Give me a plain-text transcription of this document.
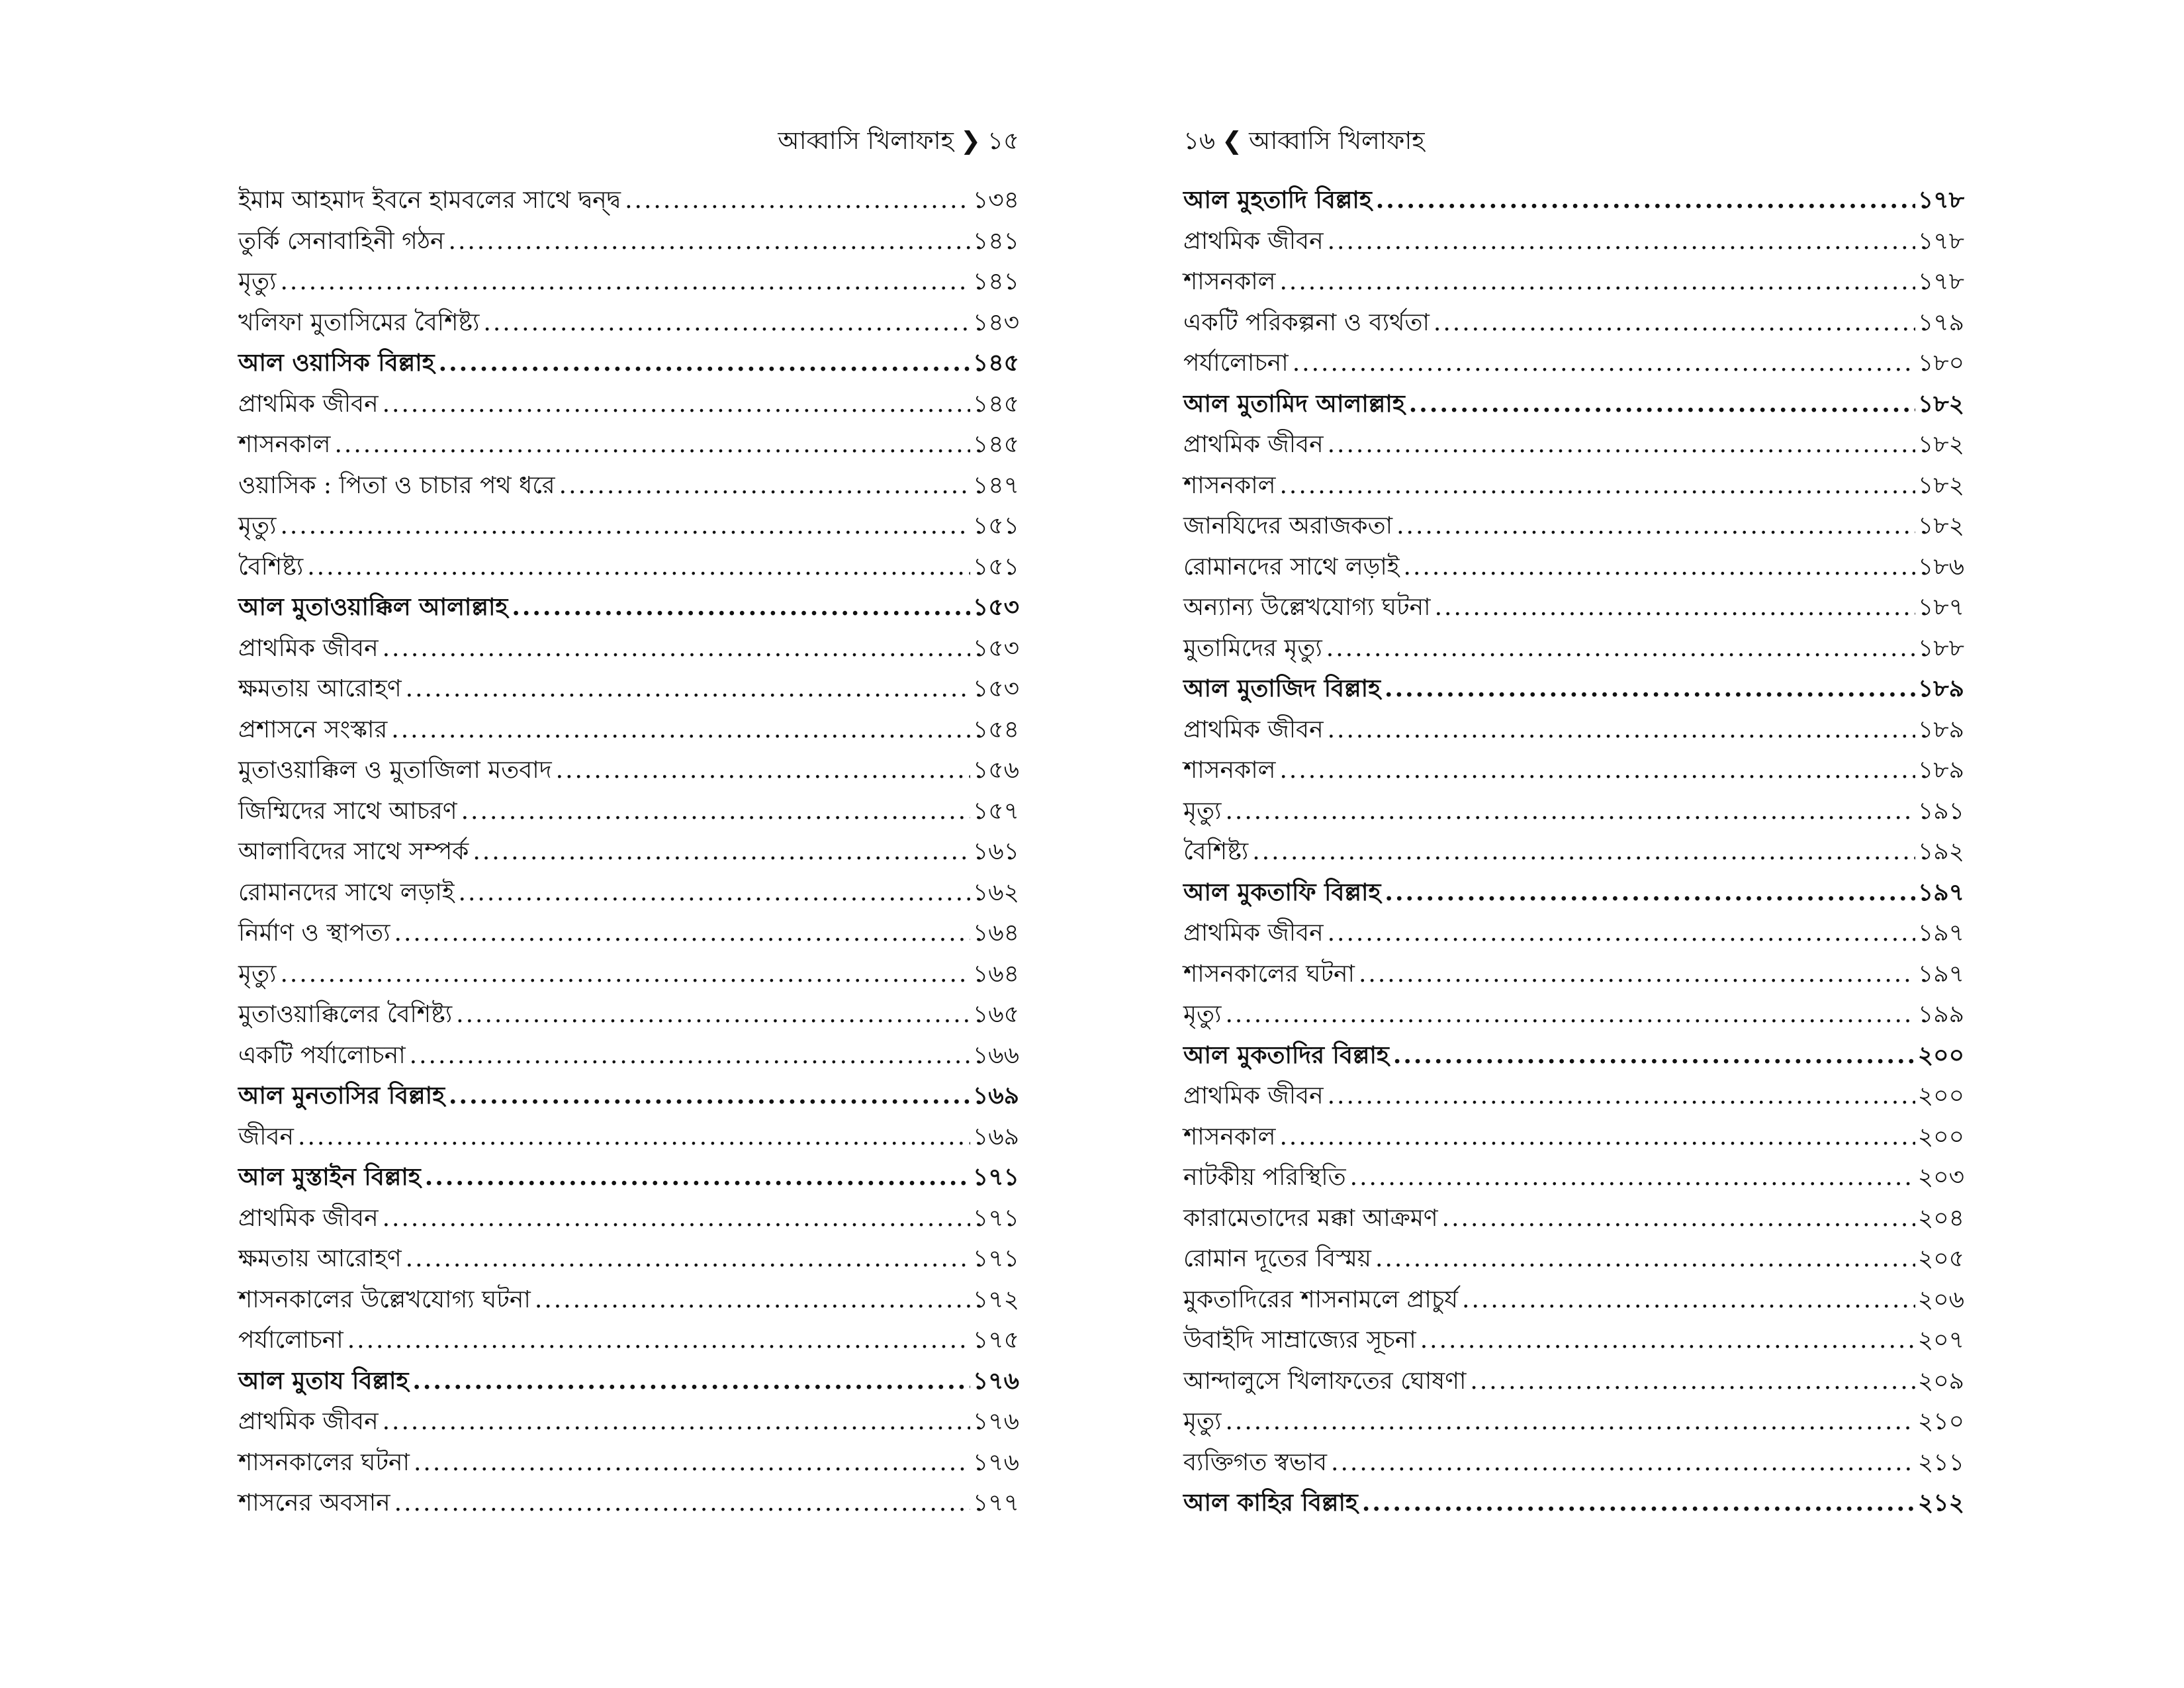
আব্বাসি খিলাফাহ ❯ ১৫
ইমাম আহমাদ ইবনে হামবলের সাথে দ্বন্দ্ব .....	১৩৪
তুর্কি সেনাবাহিনী গঠন .....	১৪১
মৃত্যু .....	১৪১
খলিফা মুতাসিমের বৈশিষ্ট্য .....	১৪৩
আল ওয়াসিক বিল্লাহ .....	১৪৫
প্রাথমিক জীবন .....	১৪৫
শাসনকাল .....	১৪৫
ওয়াসিক : পিতা ও চাচার পথ ধরে .....	১৪৭
মৃত্যু .....	১৫১
বৈশিষ্ট্য .....	১৫১
আল মুতাওয়াক্কিল আলাল্লাহ .....	১৫৩
প্রাথমিক জীবন .....	১৫৩
ক্ষমতায় আরোহণ .....	১৫৩
প্রশাসনে সংস্কার .....	১৫৪
মুতাওয়াক্কিল ও মুতাজিলা মতবাদ .....	১৫৬
জিম্মিদের সাথে আচরণ .....	১৫৭
আলাবিদের সাথে সম্পর্ক .....	১৬১
রোমানদের সাথে লড়াই .....	১৬২
নির্মাণ ও স্থাপত্য .....	১৬৪
মৃত্যু .....	১৬৪
মুতাওয়াক্কিলের বৈশিষ্ট্য .....	১৬৫
একটি পর্যালোচনা .....	১৬৬
আল মুনতাসির বিল্লাহ .....	১৬৯
জীবন .....	১৬৯
আল মুস্তাইন বিল্লাহ .....	১৭১
প্রাথমিক জীবন .....	১৭১
ক্ষমতায় আরোহণ .....	১৭১
শাসনকালের উল্লেখযোগ্য ঘটনা .....	১৭২
পর্যালোচনা .....	১৭৫
আল মুতায বিল্লাহ .....	১৭৬
প্রাথমিক জীবন .....	১৭৬
শাসনকালের ঘটনা .....	১৭৬
শাসনের অবসান .....	১৭৭
১৬ ❮ আব্বাসি খিলাফাহ
আল মুহতাদি বিল্লাহ .....	১৭৮
প্রাথমিক জীবন .....	১৭৮
শাসনকাল .....	১৭৮
একটি পরিকল্পনা ও ব্যর্থতা .....	১৭৯
পর্যালোচনা .....	১৮০
আল মুতামিদ আলাল্লাহ .....	১৮২
প্রাথমিক জীবন .....	১৮২
শাসনকাল .....	১৮২
জানযিদের অরাজকতা .....	১৮২
রোমানদের সাথে লড়াই .....	১৮৬
অন্যান্য উল্লেখযোগ্য ঘটনা .....	১৮৭
মুতামিদের মৃত্যু .....	১৮৮
আল মুতাজিদ বিল্লাহ .....	১৮৯
প্রাথমিক জীবন .....	১৮৯
শাসনকাল .....	১৮৯
মৃত্যু .....	১৯১
বৈশিষ্ট্য .....	১৯২
আল মুকতাফি বিল্লাহ .....	১৯৭
প্রাথমিক জীবন .....	১৯৭
শাসনকালের ঘটনা .....	১৯৭
মৃত্যু .....	১৯৯
আল মুকতাদির বিল্লাহ .....	২০০
প্রাথমিক জীবন .....	২০০
শাসনকাল .....	২০০
নাটকীয় পরিস্থিতি .....	২০৩
কারামেতাদের মক্কা আক্রমণ .....	২০৪
রোমান দূতের বিস্ময় .....	২০৫
মুকতাদিরের শাসনামলে প্রাচুর্য .....	২০৬
উবাইদি সাম্রাজ্যের সূচনা .....	২০৭
আন্দালুসে খিলাফতের ঘোষণা .....	২০৯
মৃত্যু .....	২১০
ব্যক্তিগত স্বভাব .....	২১১
আল কাহির বিল্লাহ .....	২১২
